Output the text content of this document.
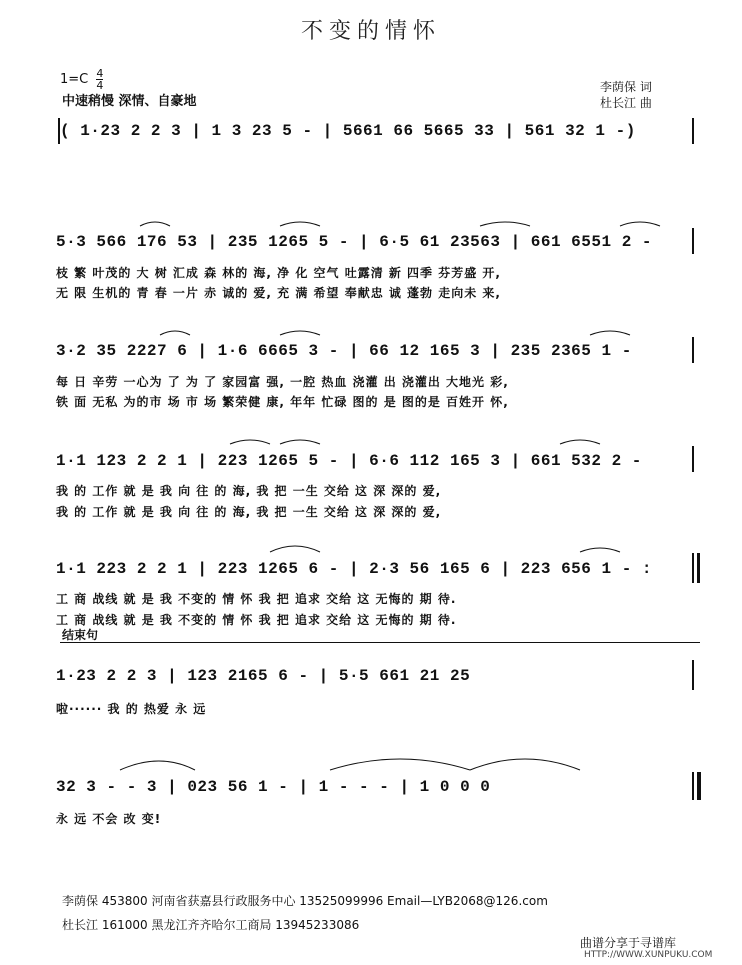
不变的情怀
$1=C \frac{4}{4}$
中速稍慢 深情、自豪地
李荫保 词
杜长江 曲
( 1·23 2 2 3 | 1 3 23 5 - | 5661 66 5665 33 | 561 32 1 -)
5·3 566 176 53 | 235 1265 5 - | 6·5 61 23563 | 661 6551 2 -
枝 繁 叶茂的 大 树 汇成 森 林的 海, 净 化 空气 吐露清 新 四季 芬芳盛 开,
无 限 生机的 青 春 一片 赤 诚的 爱, 充 满 希望 奉献忠 诚 蓬勃 走向未 来,
3·2 35 2227 6 | 1·6 6665 3 - | 66 12 165 3 | 235 2365 1 -
每 日 辛劳 一心为 了 为 了 家园富 强, 一腔 热血 浇灌 出 浇灌出 大地光 彩,
铁 面 无私 为的市 场 市 场 繁荣健 康, 年年 忙碌 图的 是 图的是 百姓开 怀,
1·1 123 2 2 1 | 223 1265 5 - | 6·6 112 165 3 | 661 532 2 -
我 的 工作 就 是 我 向 往 的 海, 我 把 一生 交给 这 深 深的 爱,
我 的 工作 就 是 我 向 往 的 海, 我 把 一生 交给 这 深 深的 爱,
1·1 223 2 2 1 | 223 1265 6 - | 2·3 56 165 6 | 223 656 1 - :
工 商 战线 就 是 我 不变的 情 怀 我 把 追求 交给 这 无悔的 期 待.
工 商 战线 就 是 我 不变的 情 怀 我 把 追求 交给 这 无悔的 期 待.
结束句
1·23 2 2 3 | 123 2165 6 - | 5·5 661 21 25
啦······ 我 的 热爱 永 远
32 3 - - 3 | 023 56 1 - | 1 - - - | 1 0 0 0
永 远 不会 改 变!
李荫保 453800 河南省获嘉县行政服务中心 13525099996 Email—LYB2068@126.com
杜长江 161000 黑龙江齐齐哈尔工商局 13945233086
曲谱分享于寻谱库
HTTP://WWW.XUNPUKU.COM
